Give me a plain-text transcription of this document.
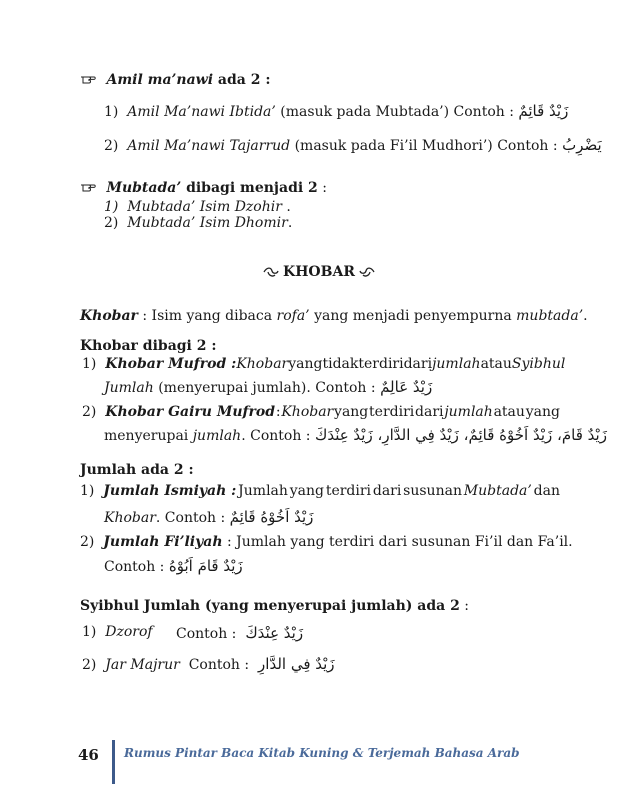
Amil ma’nawi ada 2 :
1) Amil Ma’nawi Ibtida’ (masuk pada Mubtada’) Contoh : زَيْدٌ قَائِمٌ
2) Amil Ma’nawi Tajarrud (masuk pada Fi’il Mudhori’) Contoh : يَضْرِبُ
Mubtada’ dibagi menjadi 2 :
1) Mubtada’ Isim Dzohir .
2) Mubtada’ Isim Dhomir.
KHOBAR
Khobar : Isim yang dibaca rofa’ yang menjadi penyempurna mubtada’.
Khobar dibagi 2 :
1) Khobar Mufrod : Khobar yang tidak terdiri dari jumlah atau Syibhul
Jumlah (menyerupai jumlah). Contoh : زَيْدٌ عَالِمٌ
2) Khobar Gairu Mufrod : Khobar yang terdiri dari jumlah atau yang
menyerupai jumlah. Contoh : زَيْدٌ قَامَ، زَيْدٌ اَخُوْهُ قَائِمٌ، زَيْدٌ فِي الدَّارِ، زَيْدٌ عِنْدَكَ
Jumlah ada 2 :
1) Jumlah Ismiyah : Jumlah yang terdiri dari susunan Mubtada’ dan
Khobar. Contoh : زَيْدٌ اَخُوْهُ قَائِمٌ
2) Jumlah Fi’liyah : Jumlah yang terdiri dari susunan Fi’il dan Fa’il.
Contoh : زَيْدٌ قَامَ اَبُوْهُ
Syibhul Jumlah (yang menyerupai jumlah) ada 2 :
1) Dzorof Contoh : زَيْدٌ عِنْدَكَ
2) Jar Majrur Contoh : زَيْدٌ فِي الدَّارِ
46 Rumus Pintar Baca Kitab Kuning & Terjemah Bahasa Arab
